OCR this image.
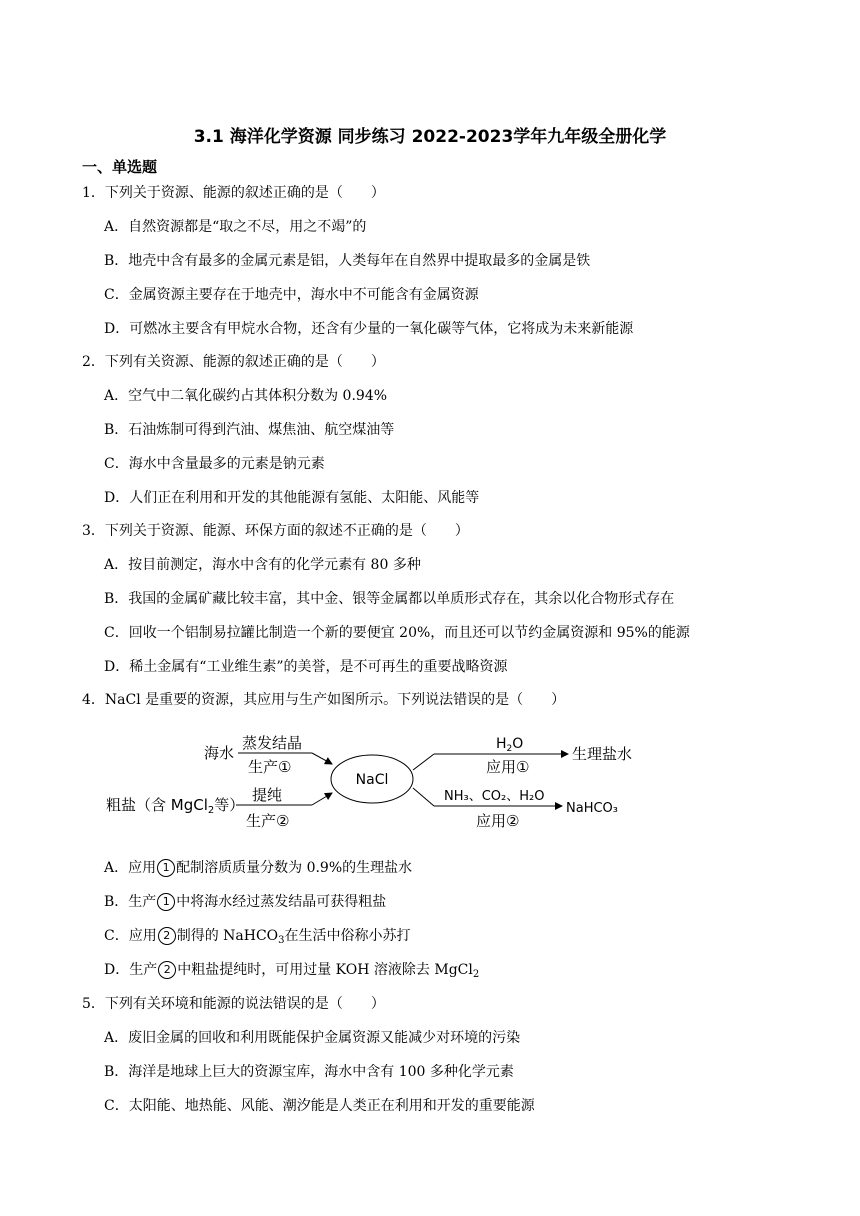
3.1 海洋化学资源 同步练习 2022-2023学年九年级全册化学
一、单选题
1．下列关于资源、能源的叙述正确的是（　　）
A．自然资源都是“取之不尽，用之不竭”的
B．地壳中含有最多的金属元素是铝，人类每年在自然界中提取最多的金属是铁
C．金属资源主要存在于地壳中，海水中不可能含有金属资源
D．可燃冰主要含有甲烷水合物，还含有少量的一氧化碳等气体，它将成为未来新能源
2．下列有关资源、能源的叙述正确的是（　　）
A．空气中二氧化碳约占其体积分数为 0.94%
B．石油炼制可得到汽油、煤焦油、航空煤油等
C．海水中含量最多的元素是钠元素
D．人们正在利用和开发的其他能源有氢能、太阳能、风能等
3．下列关于资源、能源、环保方面的叙述不正确的是（　　）
A．按目前测定，海水中含有的化学元素有 80 多种
B．我国的金属矿藏比较丰富，其中金、银等金属都以单质形式存在，其余以化合物形式存在
C．回收一个铝制易拉罐比制造一个新的要便宜 20%，而且还可以节约金属资源和 95%的能源
D．稀土金属有“工业维生素”的美誉，是不可再生的重要战略资源
4．NaCl 是重要的资源，其应用与生产如图所示。下列说法错误的是（　　）
海水
蒸发结晶
生产①
粗盐（含 MgCl$_2$等）
提纯
生产②
NaCl
$H_2O$
应用①
生理盐水
NH₃、CO₂、H₂O
应用②
NaHCO₃
A．应用 1 配制溶质质量分数为 0.9%的生理盐水
B．生产 1 中将海水经过蒸发结晶可获得粗盐
C．应用 2 制得的 NaHCO$_3$在生活中俗称小苏打
D．生产 2 中粗盐提纯时，可用过量 KOH 溶液除去 MgCl$_2$
5．下列有关环境和能源的说法错误的是（　　）
A．废旧金属的回收和利用既能保护金属资源又能减少对环境的污染
B．海洋是地球上巨大的资源宝库，海水中含有 100 多种化学元素
C．太阳能、地热能、风能、潮汐能是人类正在利用和开发的重要能源
